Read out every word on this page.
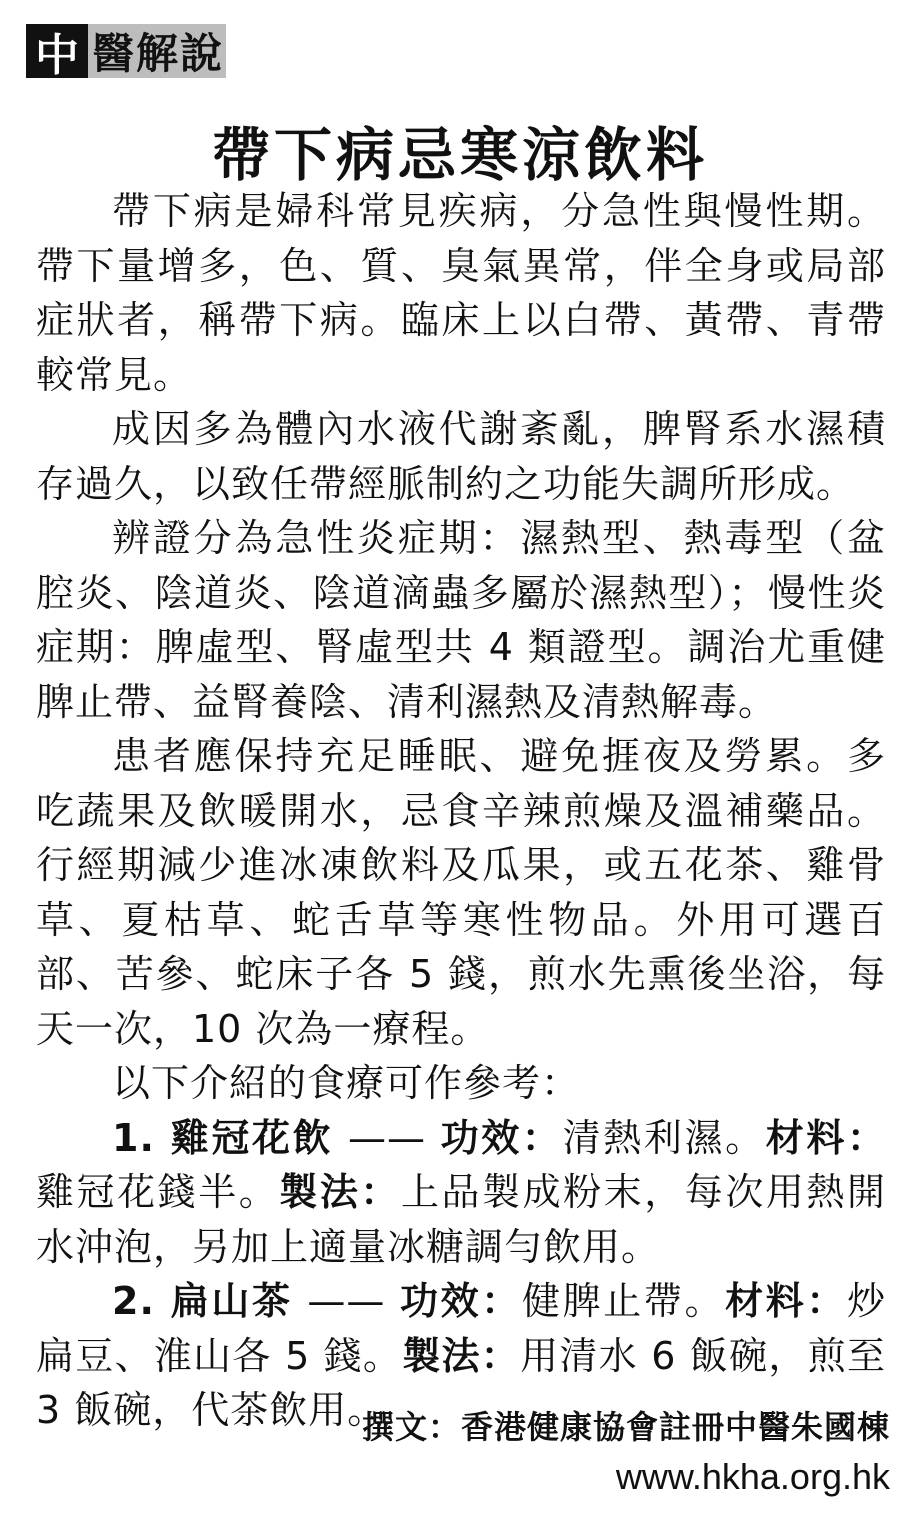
中 醫解說
帶下病忌寒涼飲料

帶下病是婦科常見疾病，分急性與慢性期。帶下量增多，色、質、臭氣異常，伴全身或局部症狀者，稱帶下病。臨床上以白帶、黃帶、青帶較常見。

成因多為體內水液代謝紊亂，脾腎系水濕積存過久，以致任帶經脈制約之功能失調所形成。

辨證分為急性炎症期：濕熱型、熱毒型（盆腔炎、陰道炎、陰道滴蟲多屬於濕熱型）；慢性炎症期：脾虛型、腎虛型共 4 類證型。調治尤重健脾止帶、益腎養陰、清利濕熱及清熱解毒。

患者應保持充足睡眠、避免捱夜及勞累。多吃蔬果及飲暖開水，忌食辛辣煎燥及溫補藥品。行經期減少進冰凍飲料及瓜果，或五花茶、雞骨草、夏枯草、蛇舌草等寒性物品。外用可選百部、苦參、蛇床子各 5 錢，煎水先熏後坐浴，每天一次，10 次為一療程。

以下介紹的食療可作參考：

1. 雞冠花飲 —— 功效：清熱利濕。材料：雞冠花錢半。製法：上品製成粉末，每次用熱開水沖泡，另加上適量冰糖調勻飲用。

2. 扁山茶 —— 功效：健脾止帶。材料：炒扁豆、淮山各 5 錢。製法：用清水 6 飯碗，煎至 3 飯碗，代茶飲用。

撰文：香港健康協會註冊中醫朱國棟
www.hkha.org.hk
